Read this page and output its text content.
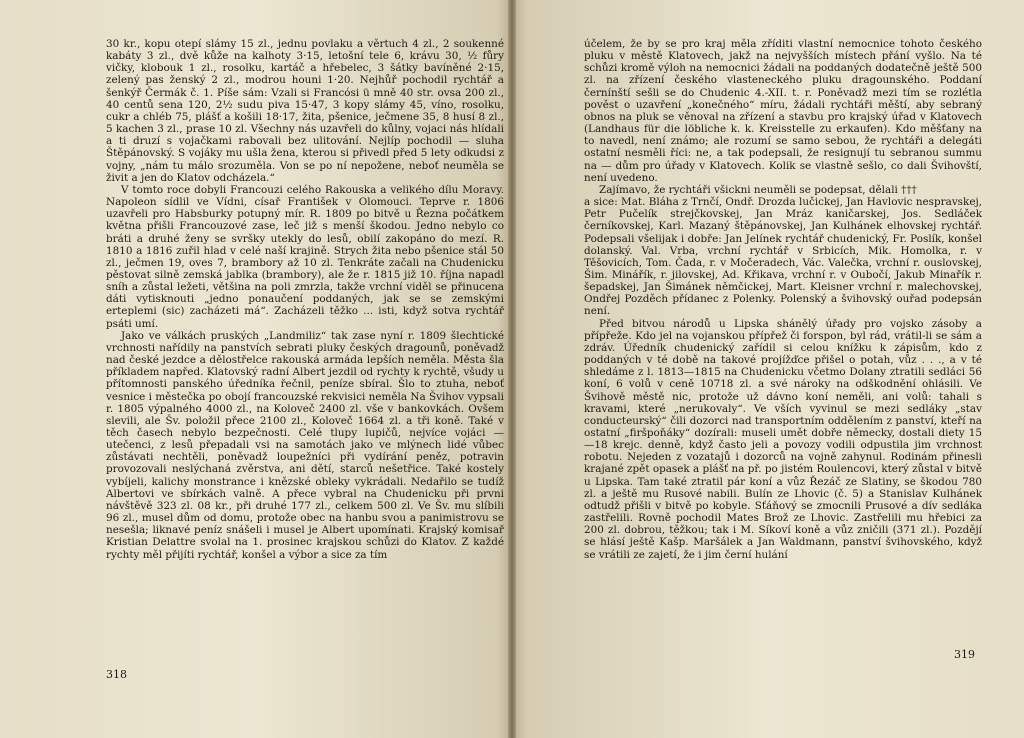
30 kr., kopu otepí slámy 15 zl., jednu povlaku a věrtuch 4 zl., 2 soukenné kabáty 3 zl., dvě kůže na kalhoty 3·15, letošní tele 6, krávu 30, ½ fůry vičky, klobouk 1 zl., rosolku, kartáč a hřebelec, 3 šátky bavíněné 2·15, zelený pas ženský 2 zl., modrou houni 1·20. Nejhůř pochodil rychtář a šenkýř Čermák č. 1. Píše sám: Vzali si Francósi ü mně 40 str. ovsa 200 zl., 40 centů sena 120, 2½ sudu piva 15·47, 3 kopy slámy 45, víno, rosolku, cukr a chléb 75, plášť a košili 18·17, žita, pšenice, ječmene 35, 8 husí 8 zl., 5 kachen 3 zl., prase 10 zl. Všechny nás uzavřeli do kůlny, vojaci nás hlídali a ti druzí s vojačkami rabovali bez ulitování. Nejlíp pochodil — sluha Štěpánovský. S vojáky mu ušla žena, kterou si přivedl před 5 lety odkudsi z vojny, „nám tu málo srozuměla. Von se po ní nepožene, neboť neuměla se živit a jen do Klatov odcházela.“

V tomto roce dobyli Francouzi celého Rakouska a velikého dílu Moravy. Napoleon sídlil ve Vídni, císař František v Olomouci. Teprve r. 1806 uzavřeli pro Habsburky potupný mír. R. 1809 po bitvě u Řezna počátkem května přišli Francouzové zase, leč již s menší škodou. Jedno nebylo co bráti a druhé ženy se svršky utekly do lesů, obilí zakopáno do mezí. R. 1810 a 1816 zuřil hlad v celé naší krajině. Strych žita nebo pšenice stál 50 zl., ječmen 19, oves 7, brambory až 10 zl. Tenkráte začali na Chudenicku pěstovat silně zemská jablka (brambory), ale že r. 1815 již 10. října napadl sníh a zůstal ležeti, většina na poli zmrzla, takže vrchní viděl se přinucena dáti vytisknouti „jedno ponaučení poddaných, jak se se zemskými erteplemi (sic) zacházeti má“. Zacházeli těžko ... isti, když sotva rychtář psáti umí.

Jako ve válkách pruských „Landmiliz“ tak zase nyní r. 1809 šlechtické vrchnosti nařídily na panstvích sebrati pluky českých dragounů, poněvadž nad české jezdce a dělostřelce rakouská armáda lepších neměla. Města šla příkladem napřed. Klatovský radní Albert jezdil od rychty k rychtě, všudy u přítomnosti panského úředníka řečnil, peníze sbíral. Šlo to ztuha, neboť vesnice i městečka po obojí francouzské rekvisici neměla Na Švihov vypsali r. 1805 výpalného 4000 zl., na Koloveč 2400 zl. vše v bankovkách. Ovšem slevili, ale Šv. položil přece 2100 zl., Koloveč 1664 zl. a tři koně. Také v těch časech nebylo bezpečnosti. Celé tlupy lupičů, nejvíce vojáci — utečenci, z lesů přepadali vsi na samotách jako ve mlýnech lidé vůbec zůstávati nechtěli, poněvadž loupežníci při vydírání peněz, potravin provozovali neslýchaná zvěrstva, ani dětí, starců nešetřice. Také kostely vybíjeli, kalichy monstrance i knězské obleky vykrádali. Nedařilo se tudíž Albertovi ve sbírkách valně. A přece vybral na Chudenicku při prvni návštěvě 323 zl. 08 kr., při druhé 177 zl., celkem 500 zl. Ve Šv. mu slíbili 96 zl., musel dům od domu, protože obec na hanbu svou a panimistrovu se nesešla; liknavé peníz snášeli i musel je Albert upomínati. Krajský komisař Kristian Delattre svolal na 1. prosinec krajskou schůzi do Klatov. Z každé rychty měl přijíti rychtář, konšel a výbor a sice za tím

318

účelem, že by se pro kraj měla zříditi vlastní nemocnice tohoto českého pluku v městě Klatovech, jakž na nejvyšších místech přání vyšlo. Na té schůzi kromě výloh na nemocnici žádali na poddaných dodatečně ještě 500 zl. na zřízení českého vlasteneckého pluku dragounského. Poddaní černínští sešli se do Chudenic 4.-XII. t. r. Poněvadž mezi tím se rozlétla pověst o uzavření „konečného“ míru, žádali rychtáři měští, aby sebraný obnos na pluk se věnoval na zřízení a stavbu pro krajský úřad v Klatovech (Landhaus für die löbliche k. k. Kreisstelle zu erkaufen). Kdo měšťany na to navedl, není známo; ale rozumí se samo sebou, že rychtáři a delegáti ostatní nesměli říci: ne, a tak podepsali, že resignují tu sebranou summu na — dům pro úřady v Klatovech. Kolik se vlastně sešlo, co dali Švihovští, není uvedeno.

Zajímavo, že rychtáři všickni neuměli se podepsat, dělali †††

a sice: Mat. Bláha z Trnčí, Ondř. Drozda lučickej, Jan Havlovic nespravskej, Petr Pučelík strejčkovskej, Jan Mráz kaničarskej, Jos. Sedláček černíkovskej, Karl. Mazaný štěpánovskej, Jan Kulhánek elhovskej rychtář. Podepsali všelijak i dobře: Jan Jelínek rychtář chudenický, Fr. Poslík, konšel dolanský. Val. Vrba, vrchní rychtář v Srbicích, Mik. Homolka, r. v Těšovicích, Tom. Čada, r. v Močeradech, Vác. Valečka, vrchní r. ouslovskej, Šim. Minářík, r. jilovskej, Ad. Křikava, vrchní r. v Oubočí, Jakub Minařík r. šepadskej, Jan Šimánek němčickej, Mart. Kleisner vrchní r. malechovskej, Ondřej Pozděch přídanec z Polenky. Polenský a švihovský ouřad podepsán není.

Před bitvou národů u Lipska shánělý úřady pro vojsko zásoby a přípřeže. Kdo jel na vojanskou přípřež či forspon, byl rád, vrátil-li se sám a zdráv. Úředník chudenický zařídil si celou knížku k zápisům, kdo z poddaných v té době na takové projížďce přišel o potah, vůz . . ., a v té shledáme z l. 1813—1815 na Chudenicku včetmo Dolany ztratili sedláci 56 koní, 6 volů v ceně 10718 zl. a své nároky na odškodnění ohlásili. Ve Švihově městě nic, protože už dávno koní neměli, ani volů: tahali s kravami, které „nerukovaly“. Ve vších vyvinul se mezi sedláky „stav conducteurský“ čili dozorci nad transportním oddělením z panství, kteří na ostatní „firšpoňáky“ dozírali: museli umět dobře německy, dostali diety 15—18 krejc. denně, když často jeli a povozy vodili odpustila jim vrchnost robotu. Nejeden z vozatajů i dozorců na vojně zahynul. Rodinám přinesli krajané zpět opasek a plášť na př. po jistém Roulencovi, který zůstal v bitvě u Lipska. Tam také ztratil pár koní a vůz Řezáč ze Slatiny, se škodou 780 zl. a ještě mu Rusové nabili. Bulín ze Lhovic (č. 5) a Stanislav Kulhánek odtudž přišli v bitvě po kobyle. Sťáňový se zmocnili Prusové a dív sedláka zastřelili. Rovně pochodil Mates Brož ze Lhovic. Zastřelili mu hřebici za 200 zl. dobrou, těžkou; tak i M. Síkoví koně a vůz zničili (371 zl.). Pozdějí se hlásí ještě Kašp. Maršálek a Jan Waldmann, panství švihovského, když se vrátili ze zajetí, že i jim černí hulání

319
